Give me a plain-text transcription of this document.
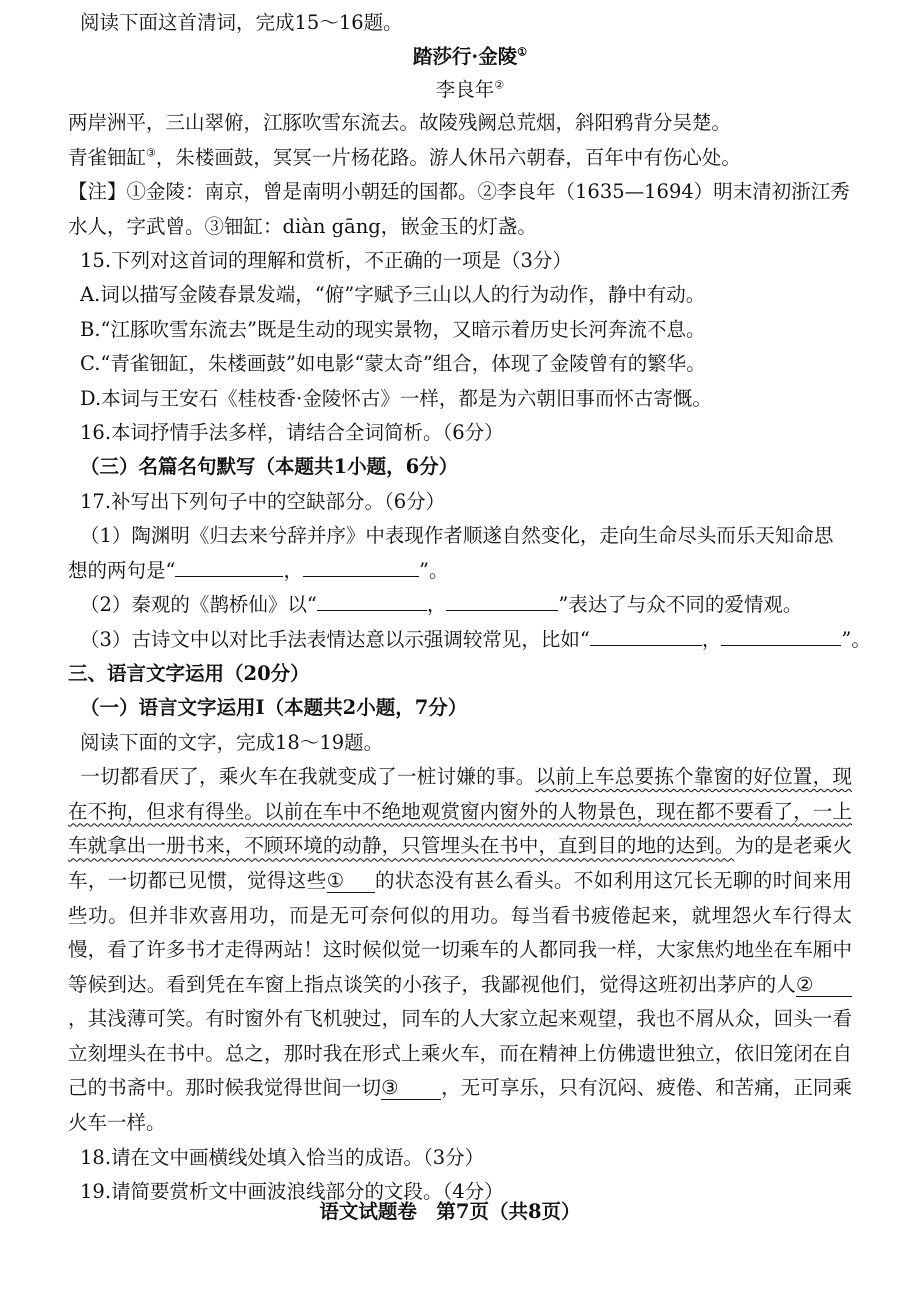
阅读下面这首清词，完成15～16题。
踏莎行·金陵①
李良年②
两岸洲平，三山翠俯，江豚吹雪东流去。故陵残阙总荒烟，斜阳鸦背分吴楚。
青雀钿缸③，朱楼画鼓，冥冥一片杨花路。游人休吊六朝春，百年中有伤心处。
【注】①金陵：南京，曾是南明小朝廷的国都。②李良年（1635—1694）明末清初浙江秀
水人，字武曾。③钿缸：diàn gāng，嵌金玉的灯盏。
15.下列对这首词的理解和赏析，不正确的一项是（3分）
A.词以描写金陵春景发端，“俯”字赋予三山以人的行为动作，静中有动。
B.“江豚吹雪东流去”既是生动的现实景物，又暗示着历史长河奔流不息。
C.“青雀钿缸，朱楼画鼓”如电影“蒙太奇”组合，体现了金陵曾有的繁华。
D.本词与王安石《桂枝香·金陵怀古》一样，都是为六朝旧事而怀古寄慨。
16.本词抒情手法多样，请结合全词简析。（6分）
（三）名篇名句默写（本题共1小题，6分）
17.补写出下列句子中的空缺部分。（6分）
（1）陶渊明《归去来兮辞并序》中表现作者顺遂自然变化，走向生命尽头而乐天知命思
想的两句是“	，	”。
（2）秦观的《鹊桥仙》以“	，	”表达了与众不同的爱情观。
（3）古诗文中以对比手法表情达意以示强调较常见，比如“	，	”。
三、语言文字运用（20分）
（一）语言文字运用Ⅰ（本题共2小题，7分）
阅读下面的文字，完成18～19题。
一切都看厌了，乘火车在我就变成了一桩讨嫌的事。以前上车总要拣个靠窗的好位置，现在不拘，但求有得坐。以前在车中不绝地观赏窗内窗外的人物景色，现在都不要看了，一上车就拿出一册书来，不顾环境的动静，只管埋头在书中，直到目的地的达到。为的是老乘火车，一切都已见惯，觉得这些① 的状态没有甚么看头。不如利用这冗长无聊的时间来用些功。但并非欢喜用功，而是无可奈何似的用功。每当看书疲倦起来，就埋怨火车行得太慢，看了许多书才走得两站！这时候似觉一切乘车的人都同我一样，大家焦灼地坐在车厢中等候到达。看到凭在车窗上指点谈笑的小孩子，我鄙视他们，觉得这班初出茅庐的人②，其浅薄可笑。有时窗外有飞机驶过，同车的人大家立起来观望，我也不屑从众，回头一看立刻埋头在书中。总之，那时我在形式上乘火车，而在精神上仿佛遗世独立，依旧笼闭在自己的书斋中。那时候我觉得世间一切③ ，无可享乐，只有沉闷、疲倦、和苦痛，正同乘火车一样。
18.请在文中画横线处填入恰当的成语。（3分）
19.请简要赏析文中画波浪线部分的文段。（4分）
语文试题卷　第7页（共8页）
